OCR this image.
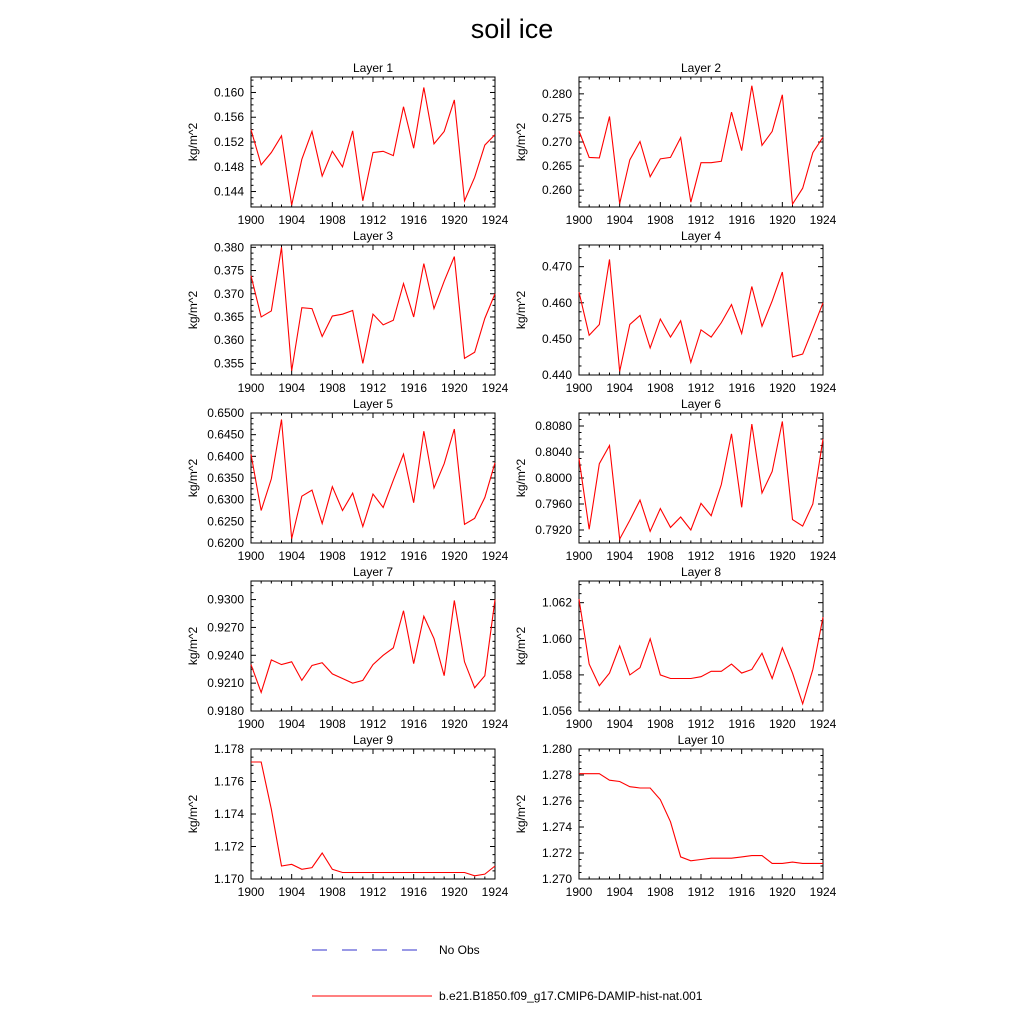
soil ice
Layer 1
1900 1904 1908 1912 1916 1920 1924
0.144
0.148
0.152
0.156
0.160
kg/m^2
Layer 2
1900 1904 1908 1912 1916 1920 1924
0.260
0.265
0.270
0.275
0.280
kg/m^2
Layer 3
1900 1904 1908 1912 1916 1920 1924
0.355
0.360
0.365
0.370
0.375
0.380
kg/m^2
Layer 4
1900 1904 1908 1912 1916 1920 1924
0.440
0.450
0.460
0.470
kg/m^2
Layer 5
1900 1904 1908 1912 1916 1920 1924
0.6200
0.6250
0.6300
0.6350
0.6400
0.6450
0.6500
kg/m^2
Layer 6
1900 1904 1908 1912 1916 1920 1924
0.7920
0.7960
0.8000
0.8040
0.8080
kg/m^2
Layer 7
1900 1904 1908 1912 1916 1920 1924
0.9180
0.9210
0.9240
0.9270
0.9300
kg/m^2
Layer 8
1900 1904 1908 1912 1916 1920 1924
1.056
1.058
1.060
1.062
kg/m^2
Layer 9
1900 1904 1908 1912 1916 1920 1924
1.170
1.172
1.174
1.176
1.178
kg/m^2
Layer 10
1900 1904 1908 1912 1916 1920 1924
1.270
1.272
1.274
1.276
1.278
1.280
kg/m^2
No Obs
b.e21.B1850.f09_g17.CMIP6-DAMIP-hist-nat.001
